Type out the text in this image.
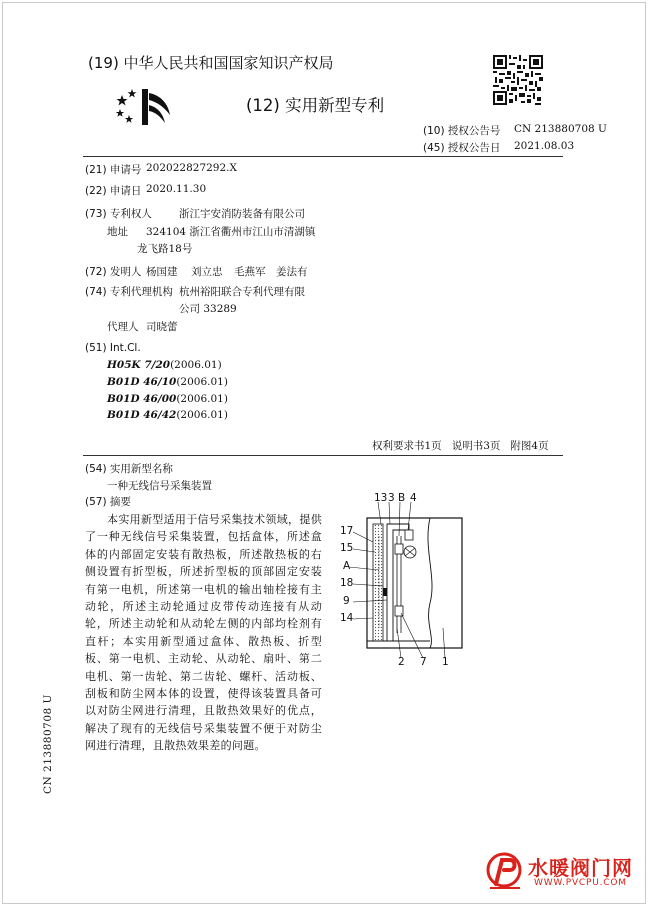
(19) 中华人民共和国国家知识产权局
(12) 实用新型专利
(10) 授权公告号 CN 213880708 U
(45) 授权公告日 2021.08.03
(21) 申请号 202022827292.X
(22) 申请日 2020.11.30
(73) 专利权人	浙江宇安消防装备有限公司
地址 324104 浙江省衢州市江山市清湖镇
龙飞路18号
(72) 发明人 杨国建 刘立忠 毛燕军 姜法有
(74) 专利代理机构 杭州裕阳联合专利代理有限
公司 33289
代理人 司晓蕾
(51) Int.Cl.
H05K 7/20(2006.01)
B01D 46/10(2006.01)
B01D 46/00(2006.01)
B01D 46/42(2006.01)
权利要求书1页   说明书3页   附图4页
(54) 实用新型名称
一种无线信号采集装置
(57) 摘要

本实用新型适用于信号采集技术领域，提供了一种无线信号采集装置，包括盒体，所述盒体的内部固定安装有散热板，所述散热板的右侧设置有折型板，所述折型板的顶部固定安装有第一电机，所述第一电机的输出轴栓接有主动轮，所述主动轮通过皮带传动连接有从动轮，所述主动轮和从动轮左侧的内部均栓剂有直杆；本实用新型通过盒体、散热板、折型板、第一电机、主动轮、从动轮、扇叶、第二电机、第一齿轮、第二齿轮、螺杆、活动板、刮板和防尘网本体的设置，使得该装置具备可以对防尘网进行清理，且散热效果好的优点，解决了现有的无线信号采集装置不便于对防尘网进行清理，且散热效果差的问题。

CN 213880708 U
13 3 B 4
17
15
A
18
9
14
2 7 1
水暖阀门网
WWW.PVCPU.COM
